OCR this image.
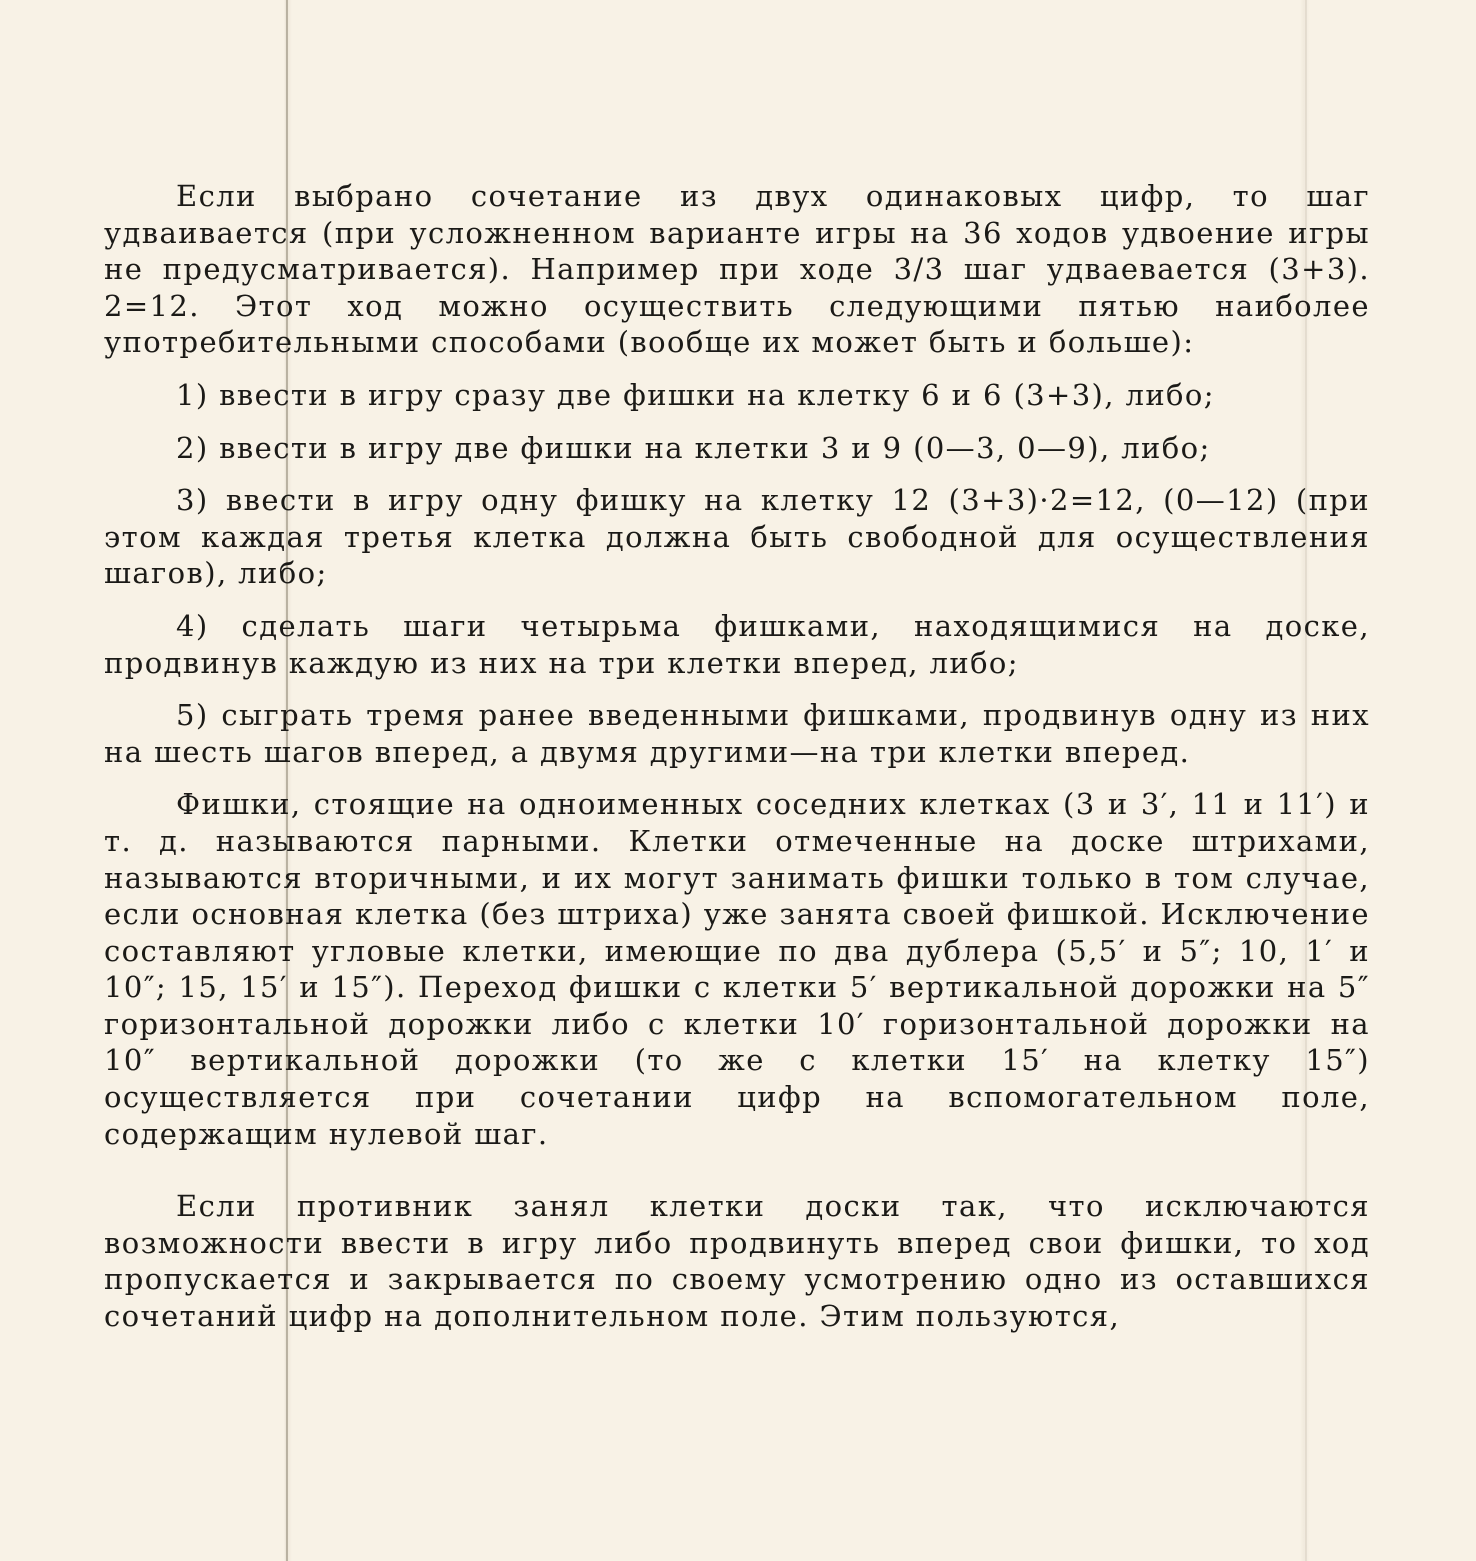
Если выбрано сочетание из двух одинаковых цифр, то шаг удваивается (при усложненном варианте игры на 36 ходов удвоение игры не предусматривается). Например при ходе 3/3 шаг удваевается (3+3). 2=12. Этот ход можно осуществить следующими пятью наиболее употребительными способами (вообще их может быть и больше):

1) ввести в игру сразу две фишки на клетку 6 и 6 (3+3), либо;

2) ввести в игру две фишки на клетки 3 и 9 (0—3, 0—9), либо;

3) ввести в игру одну фишку на клетку 12 (3+3)·2=12, (0—12) (при этом каждая третья клетка должна быть свободной для осуществления шагов), либо;

4) сделать шаги четырьма фишками, находящимися на доске, продвинув каждую из них на три клетки вперед, либо;

5) сыграть тремя ранее введенными фишками, продвинув одну из них на шесть шагов вперед, а двумя другими—на три клетки вперед.

Фишки, стоящие на одноименных соседних клетках (3 и 3′, 11 и 11′) и т. д. называются парными. Клетки отмеченные на доске штрихами, называются вторичными, и их могут занимать фишки только в том случае, если основная клетка (без штриха) уже занята своей фишкой. Исключение составляют угловые клетки, имеющие по два дублера (5,5′ и 5″; 10, 1′ и 10″; 15, 15′ и 15″). Переход фишки с клетки 5′ вертикальной дорожки на 5″ горизонтальной дорожки либо с клетки 10′ горизонтальной дорожки на 10″ вертикальной дорожки (то же с клетки 15′ на клетку 15″) осуществляется при сочетании цифр на вспомогательном поле, содержащим нулевой шаг.

Если противник занял клетки доски так, что исключаются возможности ввести в игру либо продвинуть вперед свои фишки, то ход пропускается и закрывается по своему усмотрению одно из оставшихся сочетаний цифр на дополнительном поле. Этим пользуются,
